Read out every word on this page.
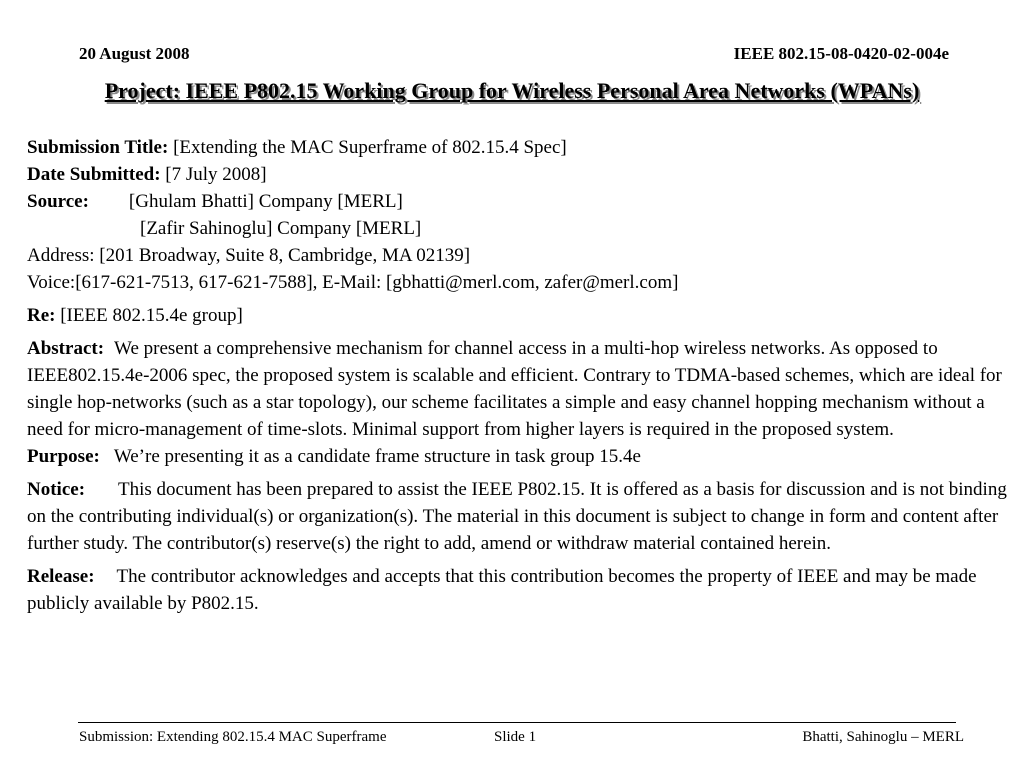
20 August 2008	IEEE 802.15-08-0420-02-004e
Project: IEEE P802.15 Working Group for Wireless Personal Area Networks (WPANs)
Submission Title: [Extending the MAC Superframe of 802.15.4 Spec]
Date Submitted: [7 July 2008]
Source: [Ghulam Bhatti] Company [MERL]
[Zafir Sahinoglu] Company [MERL]
Address: [201 Broadway, Suite 8, Cambridge, MA 02139]
Voice:[617-621-7513, 617-621-7588], E-Mail: [gbhatti@merl.com, zafer@merl.com]
Re: [IEEE 802.15.4e group]
Abstract: We present a comprehensive mechanism for channel access in a multi-hop wireless networks. As opposed to IEEE802.15.4e-2006 spec, the proposed system is scalable and efficient. Contrary to TDMA-based schemes, which are ideal for single hop-networks (such as a star topology), our scheme facilitates a simple and easy channel hopping mechanism without a need for micro-management of time-slots. Minimal support from higher layers is required in the proposed system.
Purpose: We’re presenting it as a candidate frame structure in task group 15.4e
Notice: This document has been prepared to assist the IEEE P802.15. It is offered as a basis for discussion and is not binding on the contributing individual(s) or organization(s). The material in this document is subject to change in form and content after further study. The contributor(s) reserve(s) the right to add, amend or withdraw material contained herein.
Release: The contributor acknowledges and accepts that this contribution becomes the property of IEEE and may be made publicly available by P802.15.
Submission: Extending 802.15.4 MAC Superframe	Slide 1	Bhatti, Sahinoglu – MERL
